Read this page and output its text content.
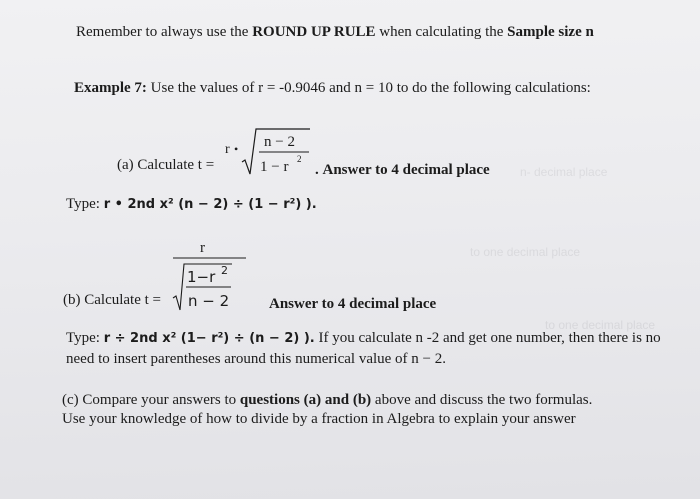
n- decimal place
to one decimal place
to one decimal place
Remember to always use the ROUND UP RULE when calculating the Sample size n
Example 7: Use the values of r = -0.9046 and n = 10 to do the following calculations:
(a) Calculate t =
r • n − 2
1 − r 2
. Answer to 4 decimal place
Type: r • 2nd x² (n − 2) ÷ (1 − r²) ).
r
1−r 2
n − 2
(b) Calculate t =	Answer to 4 decimal place
Type: r ÷ 2nd x² (1− r²) ÷ (n − 2) ). If you calculate n -2 and get one number, then there is no
need to insert parentheses around this numerical value of n − 2.
(c) Compare your answers to questions (a) and (b) above and discuss the two formulas.
Use your knowledge of how to divide by a fraction in Algebra to explain your answer
